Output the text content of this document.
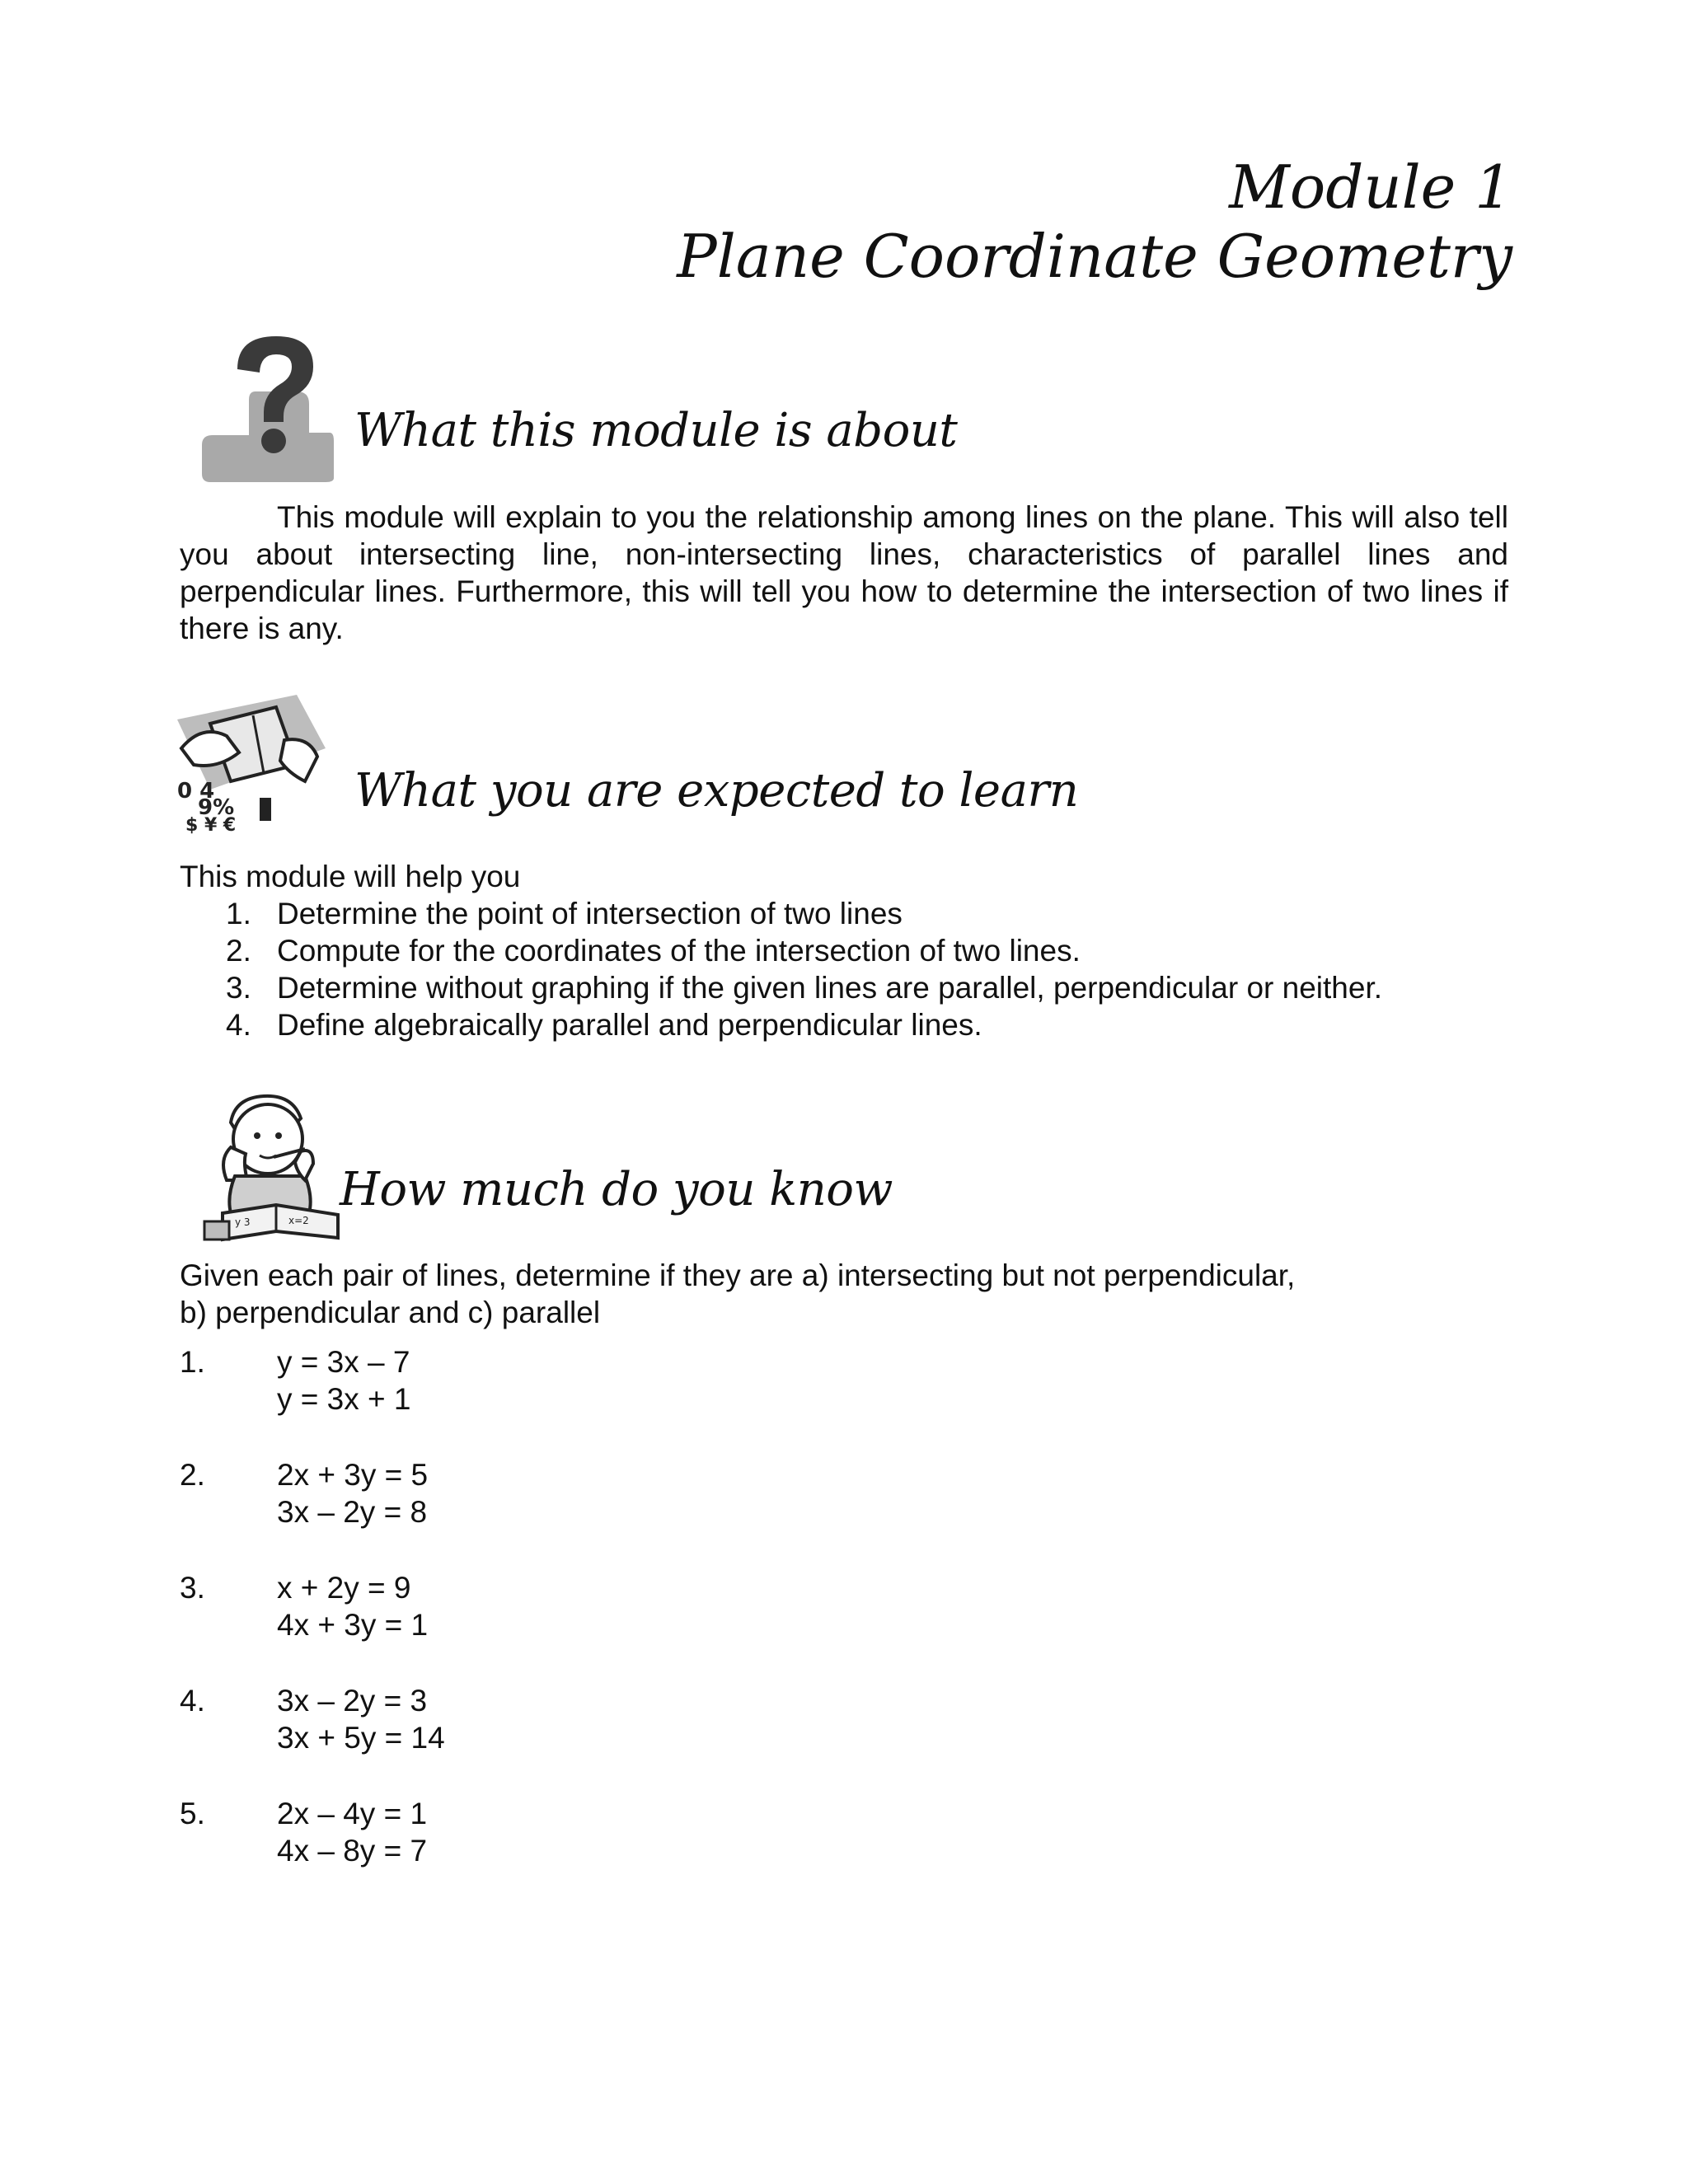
Module 1
Plane Coordinate Geometry
What this module is about

This module will explain to you the relationship among lines on the plane. This will also tell you about intersecting line, non-intersecting lines, characteristics of parallel lines and perpendicular lines. Furthermore, this will tell you how to determine the intersection of two lines if there is any.

0 4
9%
$ ¥ €
What you are expected to learn
This module will help you
1. Determine the point of intersection of two lines
2. Compute for the coordinates of the intersection of two lines.
3. Determine without graphing if the given lines are parallel, perpendicular or neither.
4. Define algebraically parallel and perpendicular lines.
x=2
y 3
How much do you know
Given each pair of lines, determine if they are a) intersecting but not perpendicular,
b) perpendicular and c) parallel
1. y = 3x – 7
y = 3x + 1
2. 2x + 3y = 5
3x – 2y = 8
3. x + 2y = 9
4x + 3y = 1
4. 3x – 2y = 3
3x + 5y = 14
5. 2x – 4y = 1
4x – 8y = 7
